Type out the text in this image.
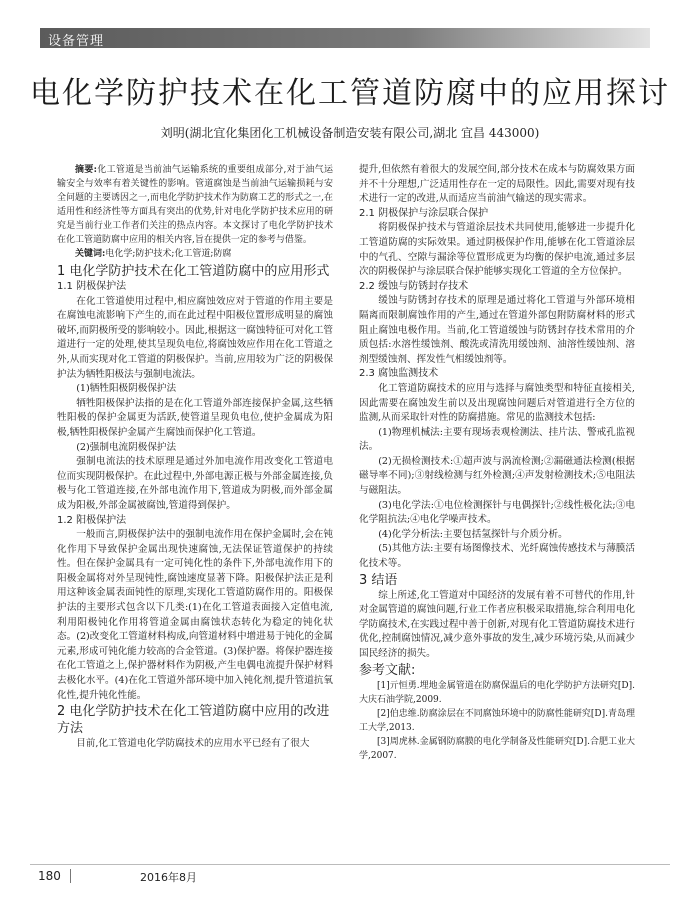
设备管理
电化学防护技术在化工管道防腐中的应用探讨
刘明(湖北宜化集团化工机械设备制造安装有限公司,湖北 宜昌 443000)

摘要:化工管道是当前油气运输系统的重要组成部分,对于油气运输安全与效率有着关键性的影响。管道腐蚀是当前油气运输损耗与安全问题的主要诱因之一,而电化学防护技术作为防腐工艺的形式之一,在适用性和经济性等方面具有突出的优势,针对电化学防护技术应用的研究是当前行业工作者们关注的热点内容。本文探讨了电化学防护技术在化工管道防腐中应用的相关内容,旨在提供一定的参考与借鉴。

关键词:电化学;防护技术;化工管道;防腐

1 电化学防护技术在化工管道防腐中的应用形式
1.1 阴极保护法

在化工管道使用过程中,相应腐蚀效应对于管道的作用主要是在腐蚀电流影响下产生的,而在此过程中阳极位置形成明显的腐蚀破坏,而阴极所受的影响较小。因此,根据这一腐蚀特征可对化工管道进行一定的处理,使其呈现负电位,将腐蚀效应作用在化工管道之外,从而实现对化工管道的阴极保护。当前,应用较为广泛的阴极保护法为牺牲阳极法与强制电流法。

(1)牺牲阳极阴极保护法

牺牲阳极保护法指的是在化工管道外部连接保护金属,这些牺牲阳极的保护金属更为活跃,使管道呈现负电位,使护金属成为阳极,牺牲阳极保护金属产生腐蚀而保护化工管道。

(2)强制电流阴极保护法

强制电流法的技术原理是通过外加电流作用改变化工管道电位而实现阴极保护。在此过程中,外部电源正极与外部金属连接,负极与化工管道连接,在外部电流作用下,管道成为阴极,而外部金属成为阳极,外部金属被腐蚀,管道得到保护。

1.2 阳极保护法

一般而言,阴极保护法中的强制电流作用在保护金属时,会在钝化作用下导致保护金属出现快速腐蚀,无法保证管道保护的持续性。但在保护金属具有一定可钝化性的条件下,外部电流作用下的阳极金属将对外呈现钝性,腐蚀速度显著下降。阳极保护法正是利用这种该金属表面钝性的原理,实现化工管道防腐作用的。阳极保护法的主要形式包含以下几类:(1)在化工管道表面接入定值电流,利用阳极钝化作用将管道金属由腐蚀状态转化为稳定的钝化状态。(2)改变化工管道材料构成,向管道材料中增进易于钝化的金属元素,形成可钝化能力较高的合金管道。(3)保护器。将保护器连接在化工管道之上,保护器材料作为阴极,产生电偶电流提升保护材料去极化水平。(4)在化工管道外部环境中加入钝化剂,提升管道抗氧化性,提升钝化性能。

2 电化学防护技术在化工管道防腐中应用的改进方法

目前,化工管道电化学防腐技术的应用水平已经有了很大

提升,但依然有着很大的发展空间,部分技术在成本与防腐效果方面并不十分理想,广泛适用性存在一定的局限性。因此,需要对现有技术进行一定的改进,从而适应当前油气输送的现实需求。

2.1 阴极保护与涂层联合保护

将阴极保护技术与管道涂层技术共同使用,能够进一步提升化工管道防腐的实际效果。通过阴极保护作用,能够在化工管道涂层中的气孔、空隙与漏涂等位置形成更为均衡的保护电流,通过多层次的阴极保护与涂层联合保护能够实现化工管道的全方位保护。

2.2 缓蚀与防锈封存技术

缓蚀与防锈封存技术的原理是通过将化工管道与外部环境相隔离而限制腐蚀作用的产生,通过在管道外部包附防腐材料的形式阻止腐蚀电极作用。当前,化工管道缓蚀与防锈封存技术常用的介质包括:水溶性缓蚀剂、酸洗或清洗用缓蚀剂、油溶性缓蚀剂、溶剂型缓蚀剂、挥发性气相缓蚀剂等。

2.3 腐蚀监测技术

化工管道防腐技术的应用与选择与腐蚀类型和特征直接相关,因此需要在腐蚀发生前以及出现腐蚀问题后对管道进行全方位的监测,从而采取针对性的防腐措施。常见的监测技术包括:

(1)物理机械法:主要有现场表观检测法、挂片法、警戒孔监视法。

(2)无损检测技术:①超声波与涡流检测;②漏磁通法检测(根据磁导率不同);③射线检测与红外检测;④声发射检测技术;⑤电阻法与磁阻法。

(3)电化学法:①电位检测探针与电偶探针;②线性极化法;③电化学阻抗法;④电化学噪声技术。

(4)化学分析法:主要包括氢探针与介质分析。

(5)其他方法:主要有场图像技术、光纤腐蚀传感技术与薄膜活化技术等。

3 结语

综上所述,化工管道对中国经济的发展有着不可替代的作用,针对金属管道的腐蚀问题,行业工作者应积极采取措施,综合利用电化学防腐技术,在实践过程中善于创新,对现有化工管道防腐技术进行优化,控制腐蚀情况,减少意外事故的发生,减少环境污染,从而减少国民经济的损失。

参考文献:

[1]亓恒勇.埋地金属管道在防腐保温后的电化学防护方法研究[D].大庆石油学院,2009.

[2]伯忠维.防腐涂层在不同腐蚀环境中的防腐性能研究[D].青岛理工大学,2013.

[3]周虎林.金属钢防腐膜的电化学制备及性能研究[D].合肥工业大学,2007.

180	2016年8月
